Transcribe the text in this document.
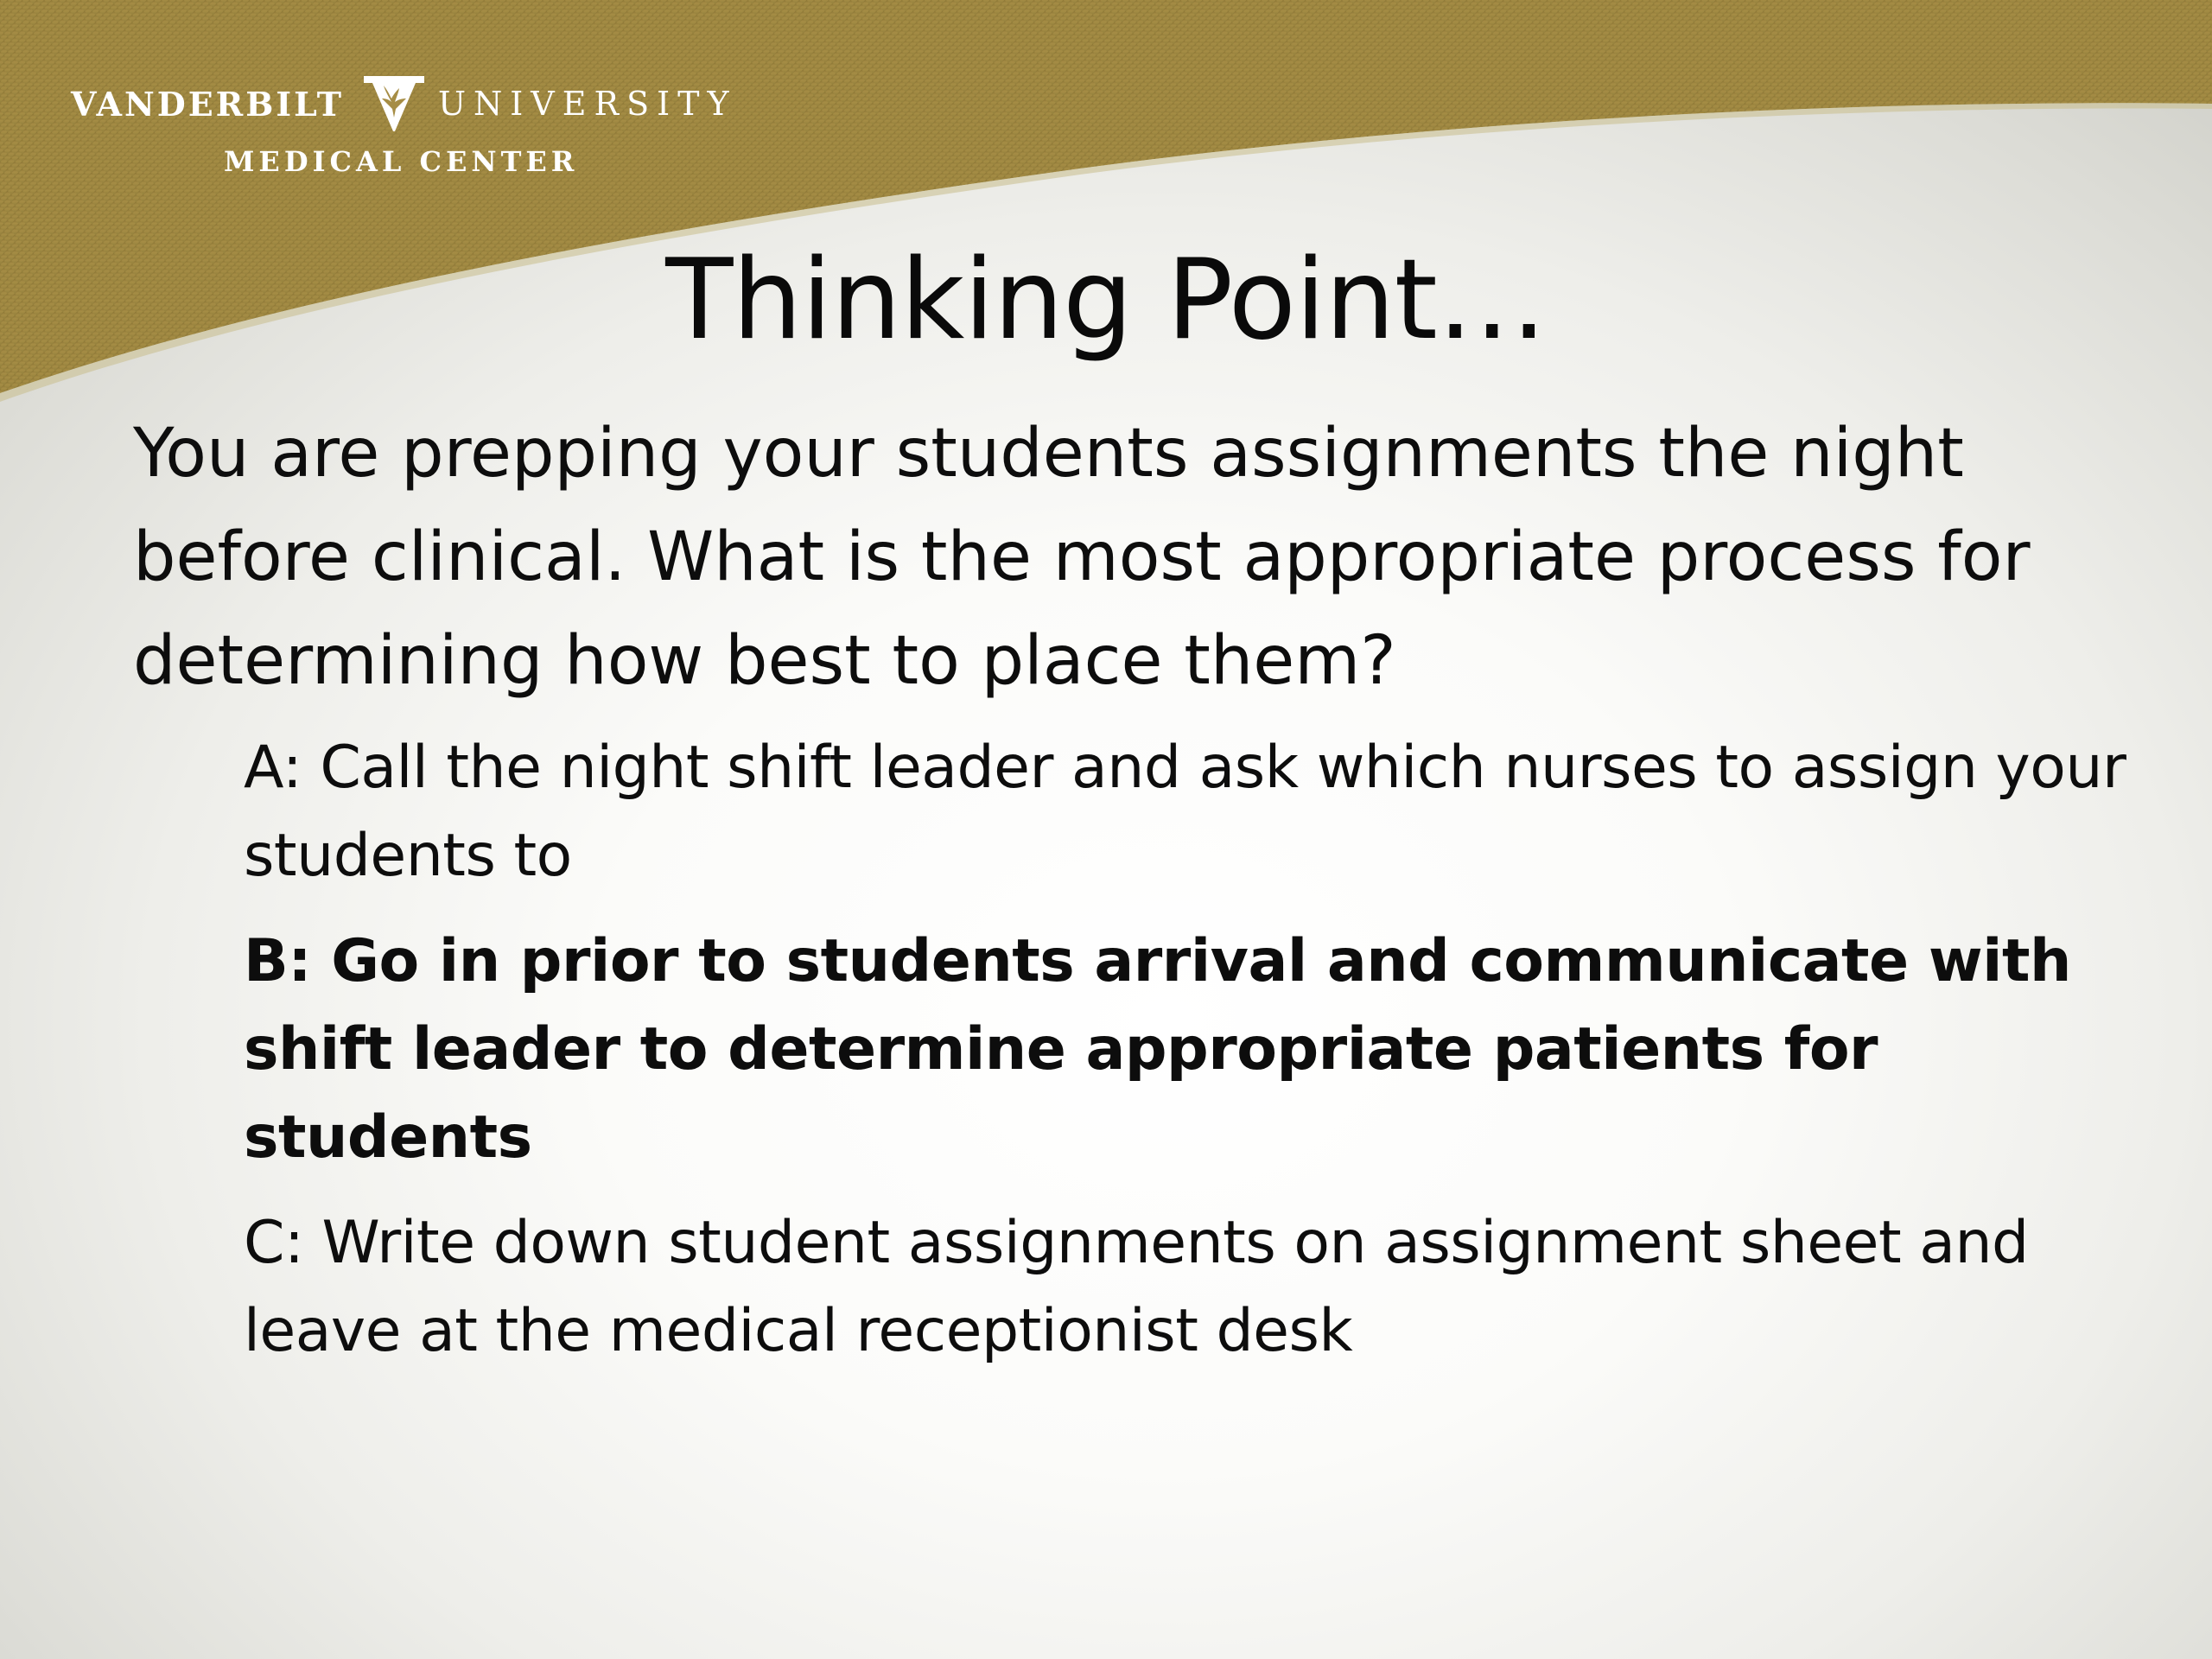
VANDERBILT	UNIVERSITY
MEDICAL CENTER
Thinking Point…

You are prepping your students assignments the night before clinical. What is the most appropriate process for determining how best to place them?

A: Call the night shift leader and ask which nurses to assign your students to
B: Go in prior to students arrival and communicate with shift leader to determine appropriate patients for students
C: Write down student assignments on assignment sheet and leave at the medical receptionist desk
